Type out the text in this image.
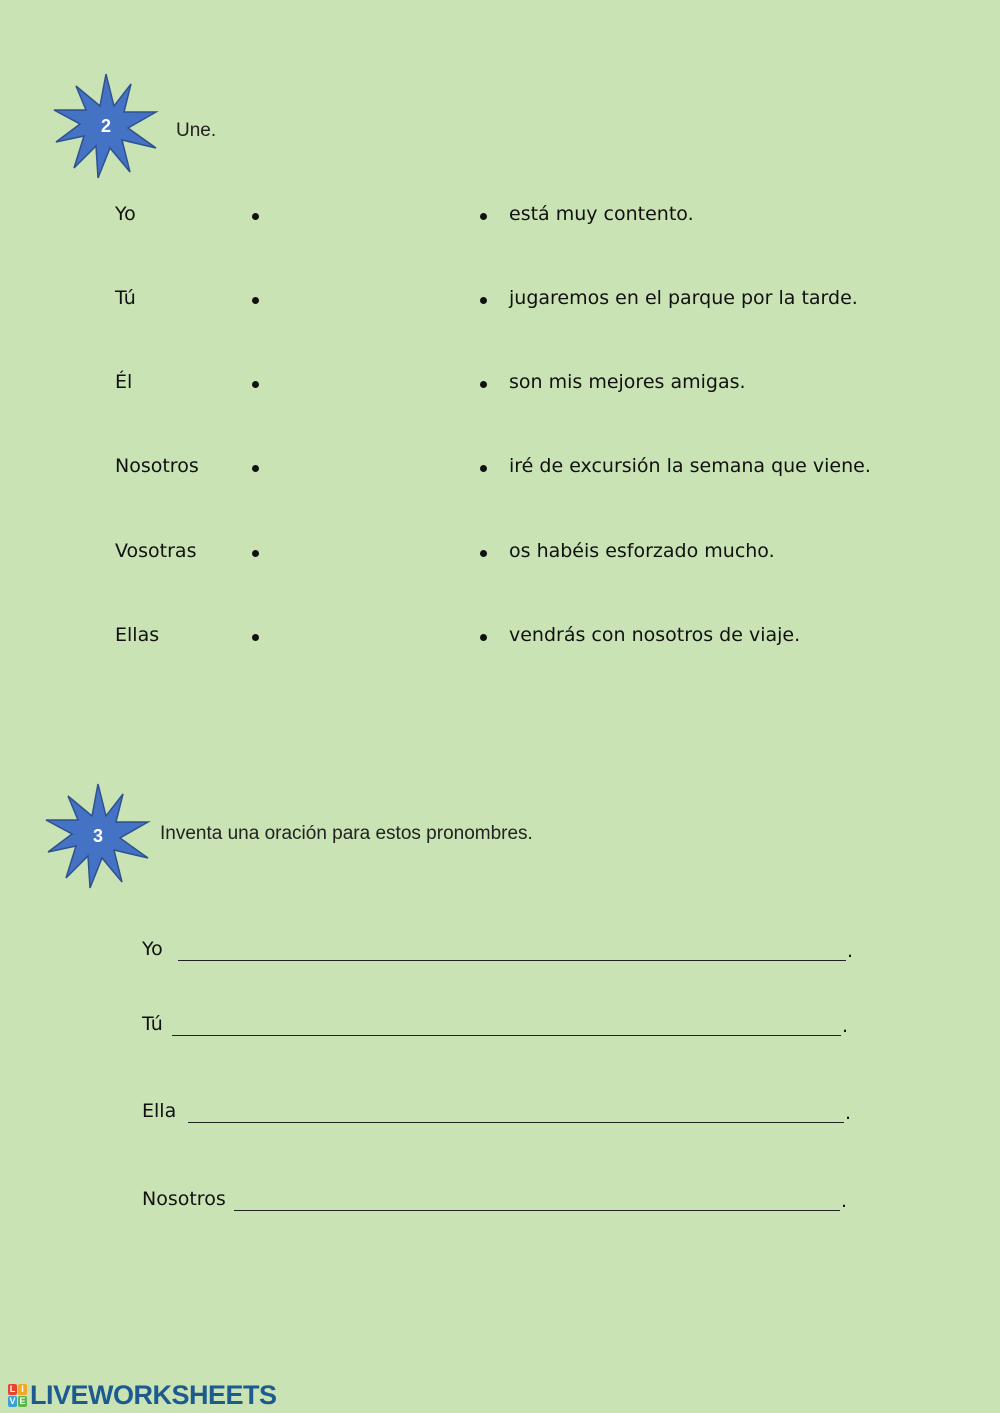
2	Une.
Yo	está muy contento.
Tú	jugaremos en el parque por la tarde.
Él	son mis mejores amigas.
Nosotros	iré de excursión la semana que viene.
Vosotras	os habéis esforzado mucho.
Ellas	vendrás con nosotros de viaje.
3	Inventa una oración para estos pronombres.
Yo	.
Tú	.
Ella	.
Nosotros	.
L I
V E LIVEWORKSHEETS
